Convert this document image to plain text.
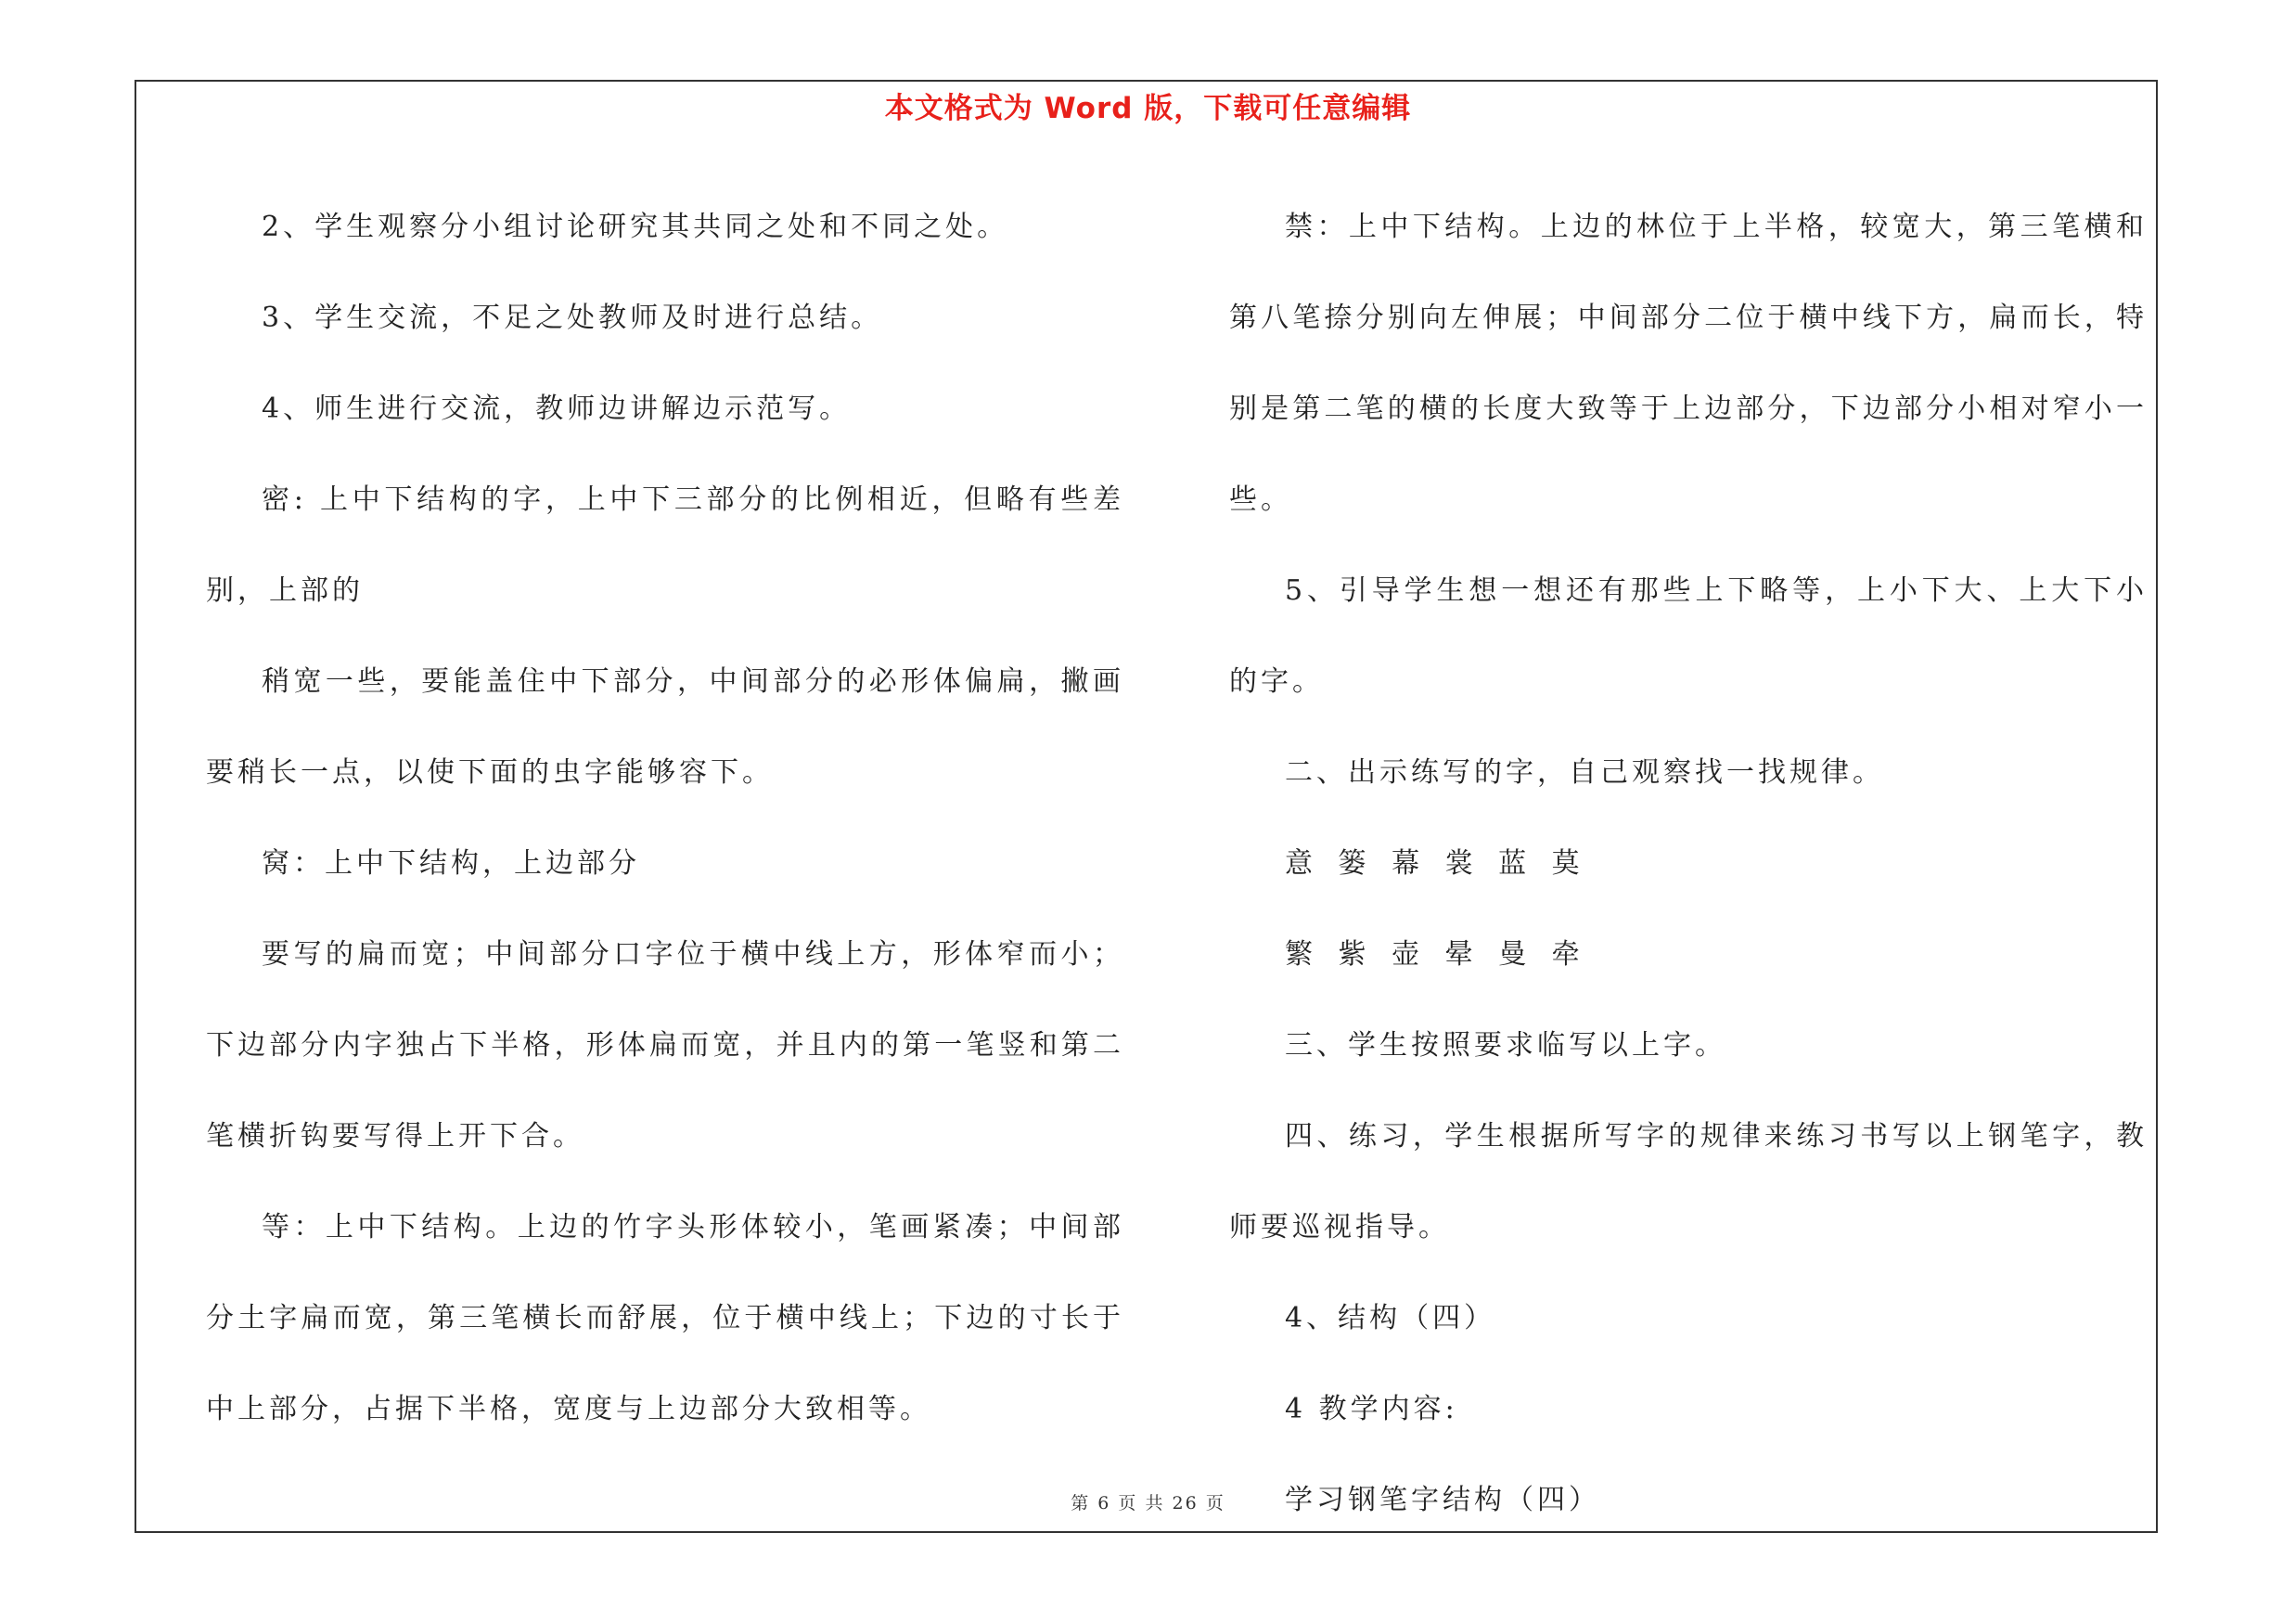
本文格式为 Word 版，下载可任意编辑

2、学生观察分小组讨论研究其共同之处和不同之处。

3、学生交流，不足之处教师及时进行总结。

4、师生进行交流，教师边讲解边示范写。

密: 上中下结构的字，上中下三部分的比例相近，但略有些差别，上部的

稍宽一些，要能盖住中下部分，中间部分的必形体偏扁，撇画要稍长一点，以使下面的虫字能够容下。

窝：上中下结构，上边部分

要写的扁而宽；中间部分口字位于横中线上方，形体窄而小；下边部分内字独占下半格，形体扁而宽，并且内的第一笔竖和第二笔横折钩要写得上开下合。

等：上中下结构。上边的竹字头形体较小，笔画紧凑；中间部分土字扁而宽，第三笔横长而舒展，位于横中线上；下边的寸长于中上部分，占据下半格，宽度与上边部分大致相等。

禁：上中下结构。上边的林位于上半格，较宽大，第三笔横和第八笔捺分别向左伸展；中间部分二位于横中线下方，扁而长，特别是第二笔的横的长度大致等于上边部分，下边部分小相对窄小一些。

5、引导学生想一想还有那些上下略等，上小下大、上大下小的字。

二、出示练写的字，自己观察找一找规律。

意 篓 幕 裳 蓝 莫

繁 紫 壶 晕 曼 牵

三、学生按照要求临写以上字。

四、练习，学生根据所写字的规律来练习书写以上钢笔字，教师要巡视指导。

4、结构（四）

4 教学内容:

学习钢笔字结构（四）

第 6 页 共 26 页
